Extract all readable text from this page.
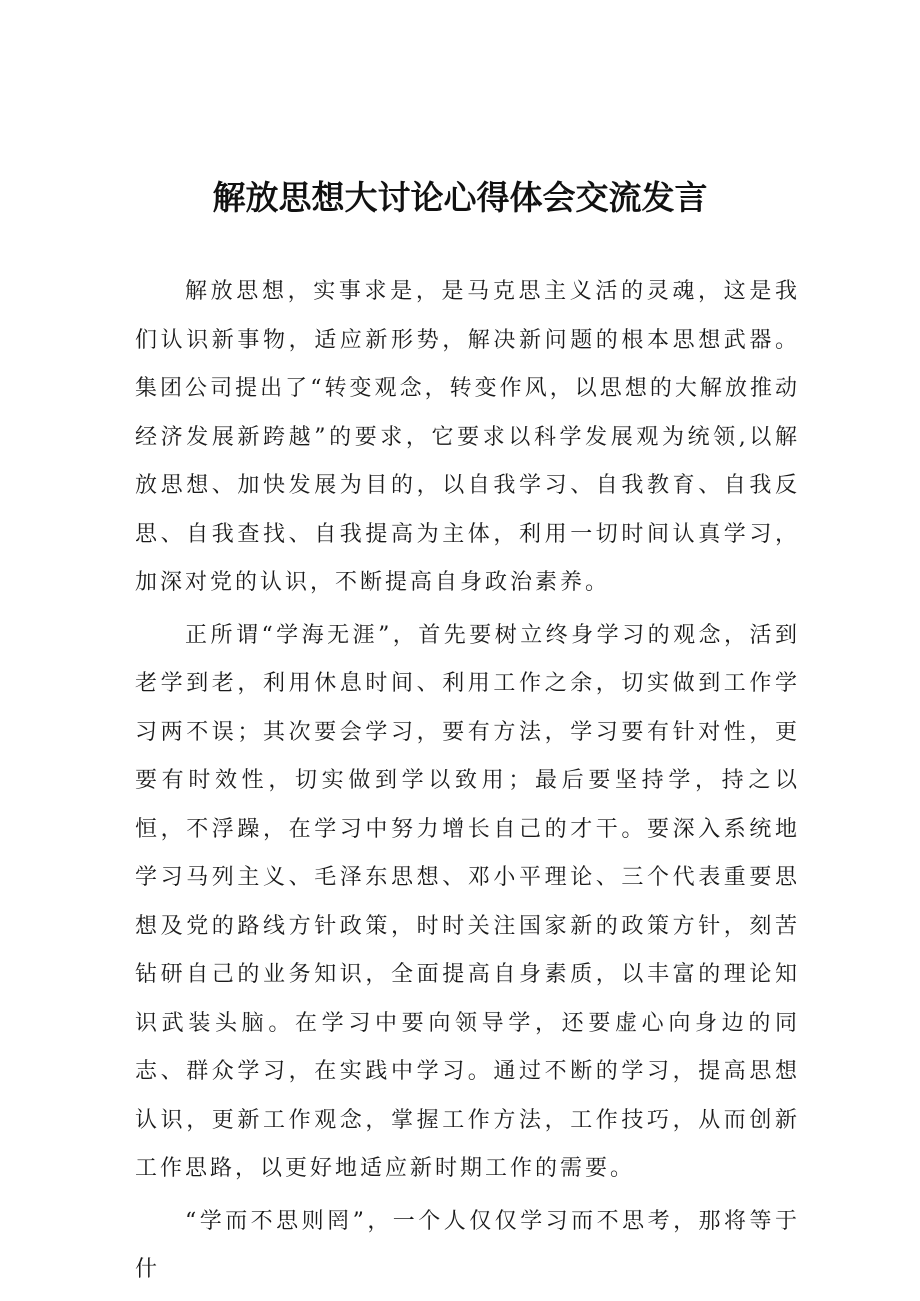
解放思想大讨论心得体会交流发言

解放思想，实事求是，是马克思主义活的灵魂，这是我们认识新事物，适应新形势，解决新问题的根本思想武器。集团公司提出了“转变观念，转变作风，以思想的大解放推动经济发展新跨越”的要求，它要求以科学发展观为统领,以解放思想、加快发展为目的，以自我学习、自我教育、自我反思、自我查找、自我提高为主体，利用一切时间认真学习，加深对党的认识，不断提高自身政治素养。

正所谓“学海无涯”，首先要树立终身学习的观念，活到老学到老，利用休息时间、利用工作之余，切实做到工作学习两不误；其次要会学习，要有方法，学习要有针对性，更要有时效性，切实做到学以致用；最后要坚持学，持之以恒，不浮躁，在学习中努力增长自己的才干。要深入系统地学习马列主义、毛泽东思想、邓小平理论、三个代表重要思想及党的路线方针政策，时时关注国家新的政策方针，刻苦钻研自己的业务知识，全面提高自身素质，以丰富的理论知识武装头脑。在学习中要向领导学，还要虚心向身边的同志、群众学习，在实践中学习。通过不断的学习，提高思想认识，更新工作观念，掌握工作方法，工作技巧，从而创新工作思路，以更好地适应新时期工作的需要。

“学而不思则罔”，一个人仅仅学习而不思考，那将等于什
